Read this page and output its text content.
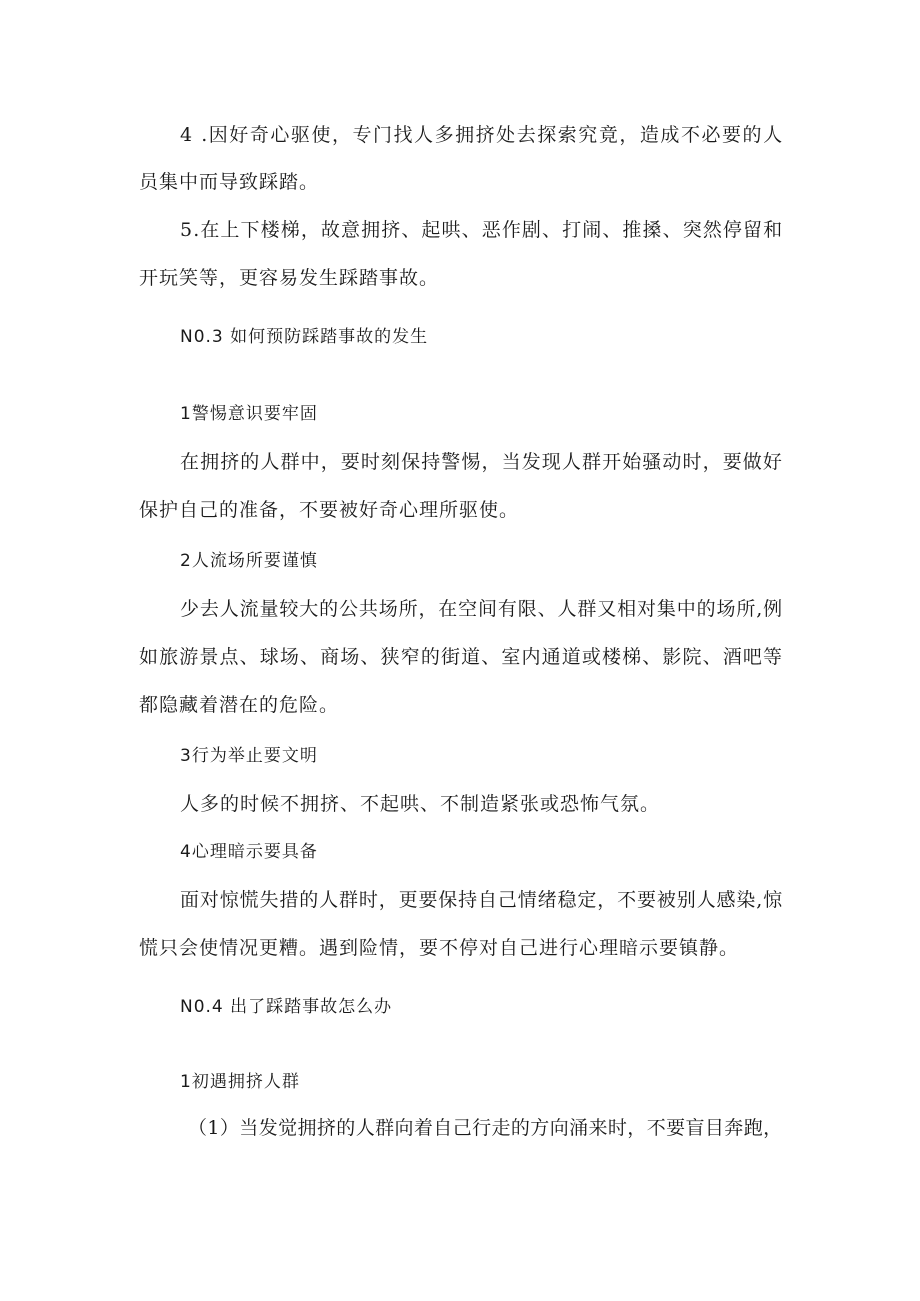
4 .因好奇心驱使，专门找人多拥挤处去探索究竟，造成不必要的人
员集中而导致踩踏。
5.在上下楼梯，故意拥挤、起哄、恶作剧、打闹、推搡、突然停留和
开玩笑等，更容易发生踩踏事故。
N0.3 如何预防踩踏事故的发生
1警惕意识要牢固
在拥挤的人群中，要时刻保持警惕，当发现人群开始骚动时，要做好
保护自己的准备，不要被好奇心理所驱使。
2人流场所要谨慎
少去人流量较大的公共场所，在空间有限、人群又相对集中的场所,例
如旅游景点、球场、商场、狭窄的街道、室内通道或楼梯、影院、酒吧等
都隐藏着潜在的危险。
3行为举止要文明
人多的时候不拥挤、不起哄、不制造紧张或恐怖气氛。
4心理暗示要具备
面对惊慌失措的人群时，更要保持自己情绪稳定，不要被别人感染,惊
慌只会使情况更糟。遇到险情，要不停对自己进行心理暗示要镇静。
N0.4 出了踩踏事故怎么办
1初遇拥挤人群
（1）当发觉拥挤的人群向着自己行走的方向涌来时，不要盲目奔跑，
